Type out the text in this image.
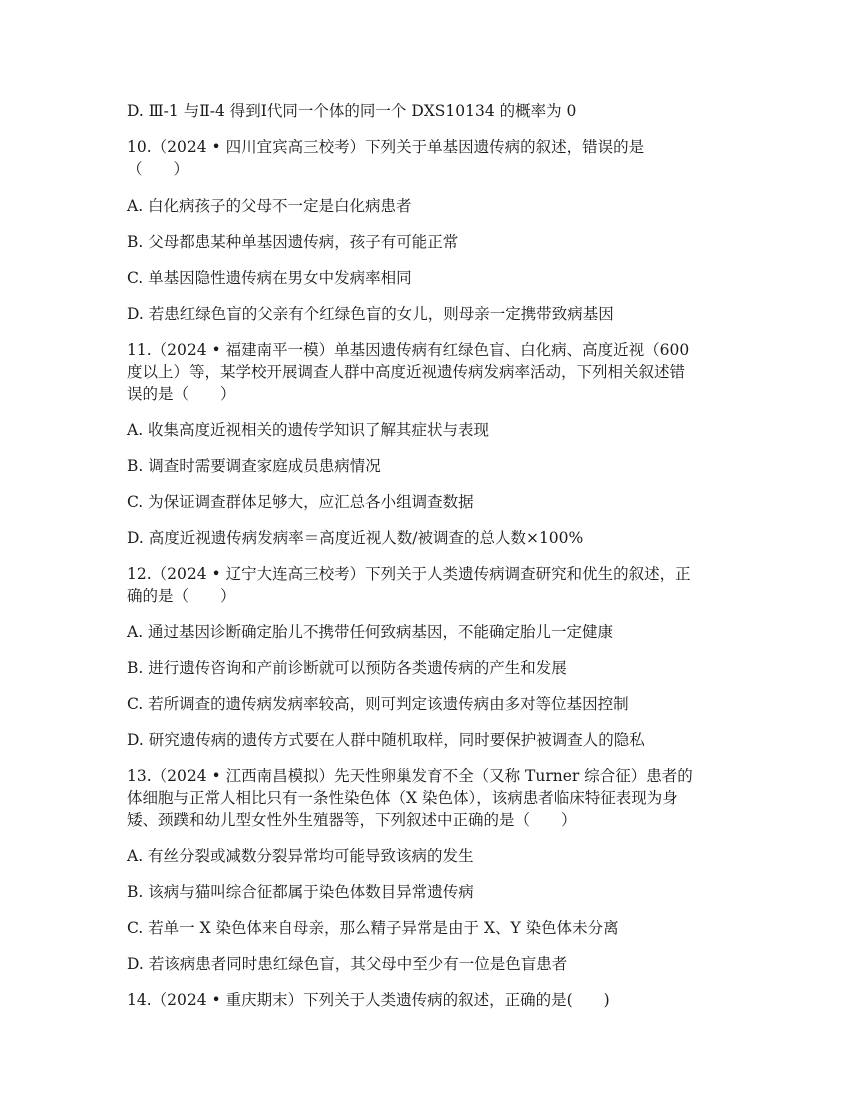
D. Ⅲ-1 与Ⅱ-4 得到Ⅰ代同一个体的同一个 DXS10134 的概率为 0
10.（2024 • 四川宜宾高三校考）下列关于单基因遗传病的叙述，错误的是
（　　）
A. 白化病孩子的父母不一定是白化病患者
B. 父母都患某种单基因遗传病，孩子有可能正常
C. 单基因隐性遗传病在男女中发病率相同
D. 若患红绿色盲的父亲有个红绿色盲的女儿，则母亲一定携带致病基因
11.（2024 • 福建南平一模）单基因遗传病有红绿色盲、白化病、高度近视（600
度以上）等，某学校开展调查人群中高度近视遗传病发病率活动，下列相关叙述错
误的是（　　）
A. 收集高度近视相关的遗传学知识了解其症状与表现
B. 调查时需要调查家庭成员患病情况
C. 为保证调查群体足够大，应汇总各小组调查数据
D. 高度近视遗传病发病率＝高度近视人数/被调查的总人数×100%
12.（2024 • 辽宁大连高三校考）下列关于人类遗传病调查研究和优生的叙述，正
确的是（　　）
A. 通过基因诊断确定胎儿不携带任何致病基因，不能确定胎儿一定健康
B. 进行遗传咨询和产前诊断就可以预防各类遗传病的产生和发展
C. 若所调查的遗传病发病率较高，则可判定该遗传病由多对等位基因控制
D. 研究遗传病的遗传方式要在人群中随机取样，同时要保护被调查人的隐私
13.（2024 • 江西南昌模拟）先天性卵巢发育不全（又称 Turner 综合征）患者的
体细胞与正常人相比只有一条性染色体（X 染色体），该病患者临床特征表现为身
矮、颈蹼和幼儿型女性外生殖器等，下列叙述中正确的是（　　）
A. 有丝分裂或减数分裂异常均可能导致该病的发生
B. 该病与猫叫综合征都属于染色体数目异常遗传病
C. 若单一 X 染色体来自母亲，那么精子异常是由于 X、Y 染色体未分离
D. 若该病患者同时患红绿色盲，其父母中至少有一位是色盲患者
14.（2024 • 重庆期末）下列关于人类遗传病的叙述，正确的是(　　)
